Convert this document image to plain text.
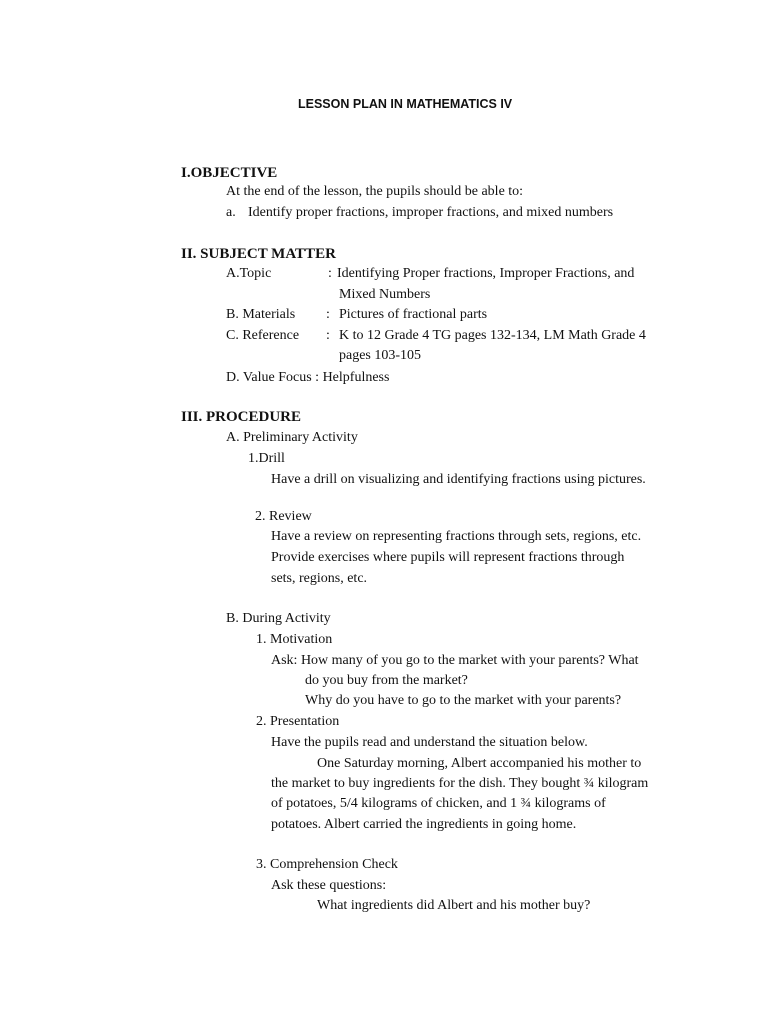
LESSON PLAN IN MATHEMATICS IV
I.OBJECTIVE
At the end of the lesson, the pupils should be able to:
a. Identify proper fractions, improper fractions, and mixed numbers
II. SUBJECT MATTER
A.Topic	: Identifying Proper fractions, Improper Fractions, and
Mixed Numbers
B. Materials : Pictures of fractional parts
C. Reference : K to 12 Grade 4 TG pages 132-134, LM Math Grade 4
pages 103-105
D. Value Focus : Helpfulness
III. PROCEDURE
A. Preliminary Activity
1.Drill
Have a drill on visualizing and identifying fractions using pictures.
2. Review
Have a review on representing fractions through sets, regions, etc.
Provide exercises where pupils will represent fractions through
sets, regions, etc.
B. During Activity
1. Motivation
Ask: How many of you go to the market with your parents? What
do you buy from the market?
Why do you have to go to the market with your parents?
2. Presentation
Have the pupils read and understand the situation below.
One Saturday morning, Albert accompanied his mother to
the market to buy ingredients for the dish. They bought ¾ kilogram
of potatoes, 5/4 kilograms of chicken, and 1 ¾ kilograms of
potatoes. Albert carried the ingredients in going home.
3. Comprehension Check
Ask these questions:
What ingredients did Albert and his mother buy?
